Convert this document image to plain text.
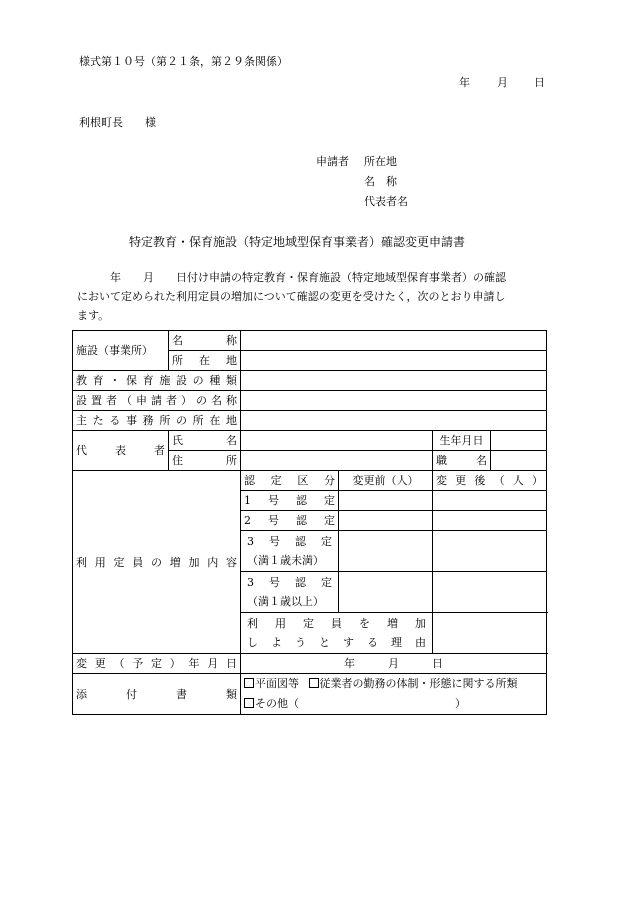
様式第１０号（第２１条，第２９条関係）
年 月 日
利根町長　　様
申請者 所在地
名　称
代表者名
特定教育・保育施設（特定地域型保育事業者）確認変更申請書
　　　年　　月　　日付け申請の特定教育・保育施設（特定地域型保育事業者）の確認
において定められた利用定員の増加について確認の変更を受けたく，次のとおり申請し
ます。
施設（事業所）	名称				
	所在地				
教育・保育施設の種類					
設置者（申請者）の名称					
主たる事務所の所在地					
代表者	氏名			生年月日	
	住所			職名	
利用定員の増加内容		認定区分	変更前（人）	変更後（人）	
		1号認定			
		2号認定			

		3号認定
（満１歳未満）			

		3号認定
（満１歳以上）			

		利用定員を増加
しようとする理由			

変更（予定）年月日		年　　　月　　　日			
添付書類		平面図等 従業者の勤務の体制・形態に関する所類
その他（ ）			
